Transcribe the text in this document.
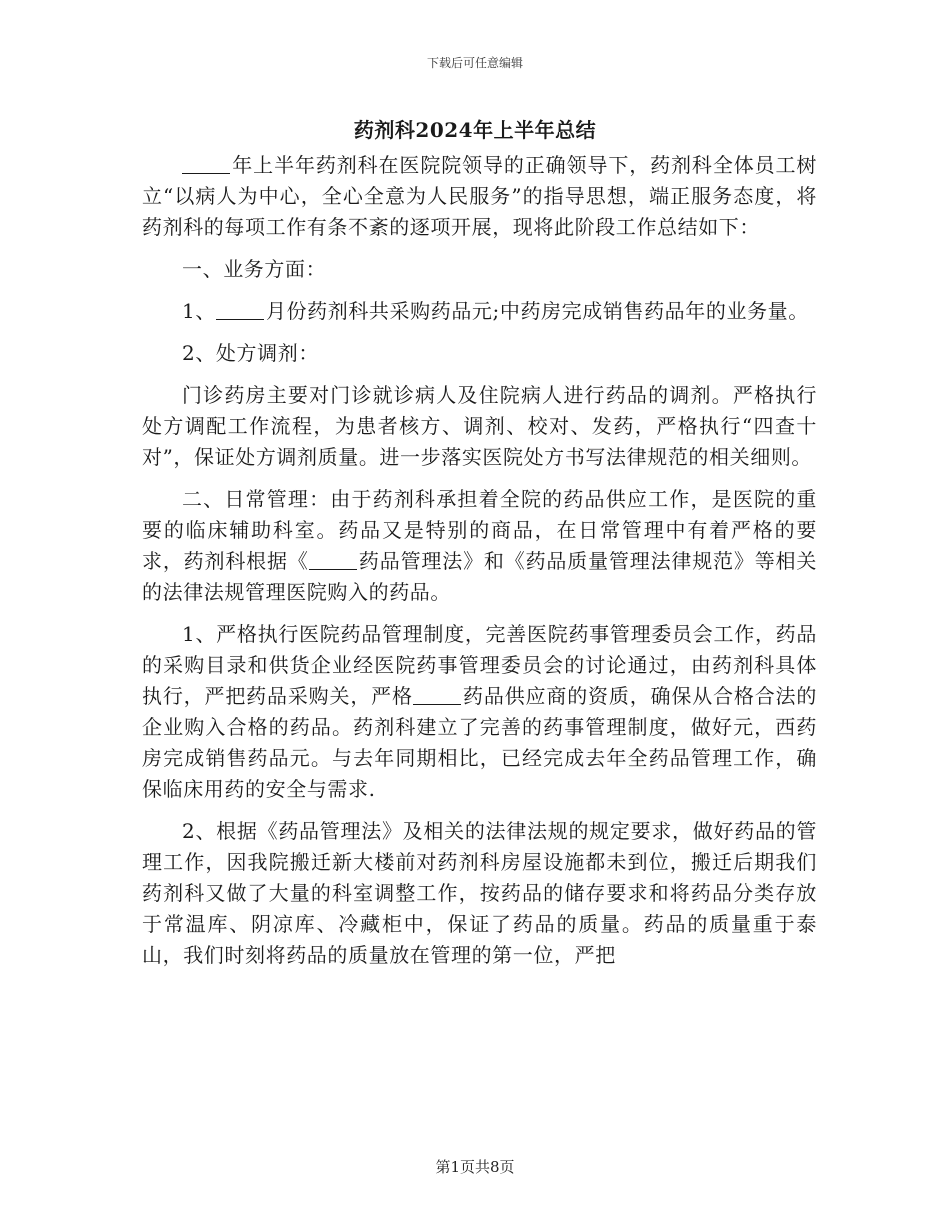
下载后可任意编辑
药剂科2024年上半年总结

年上半年药剂科在医院院领导的正确领导下，药剂科全体员工树立“以病人为中心，全心全意为人民服务”的指导思想，端正服务态度，将药剂科的每项工作有条不紊的逐项开展，现将此阶段工作总结如下：

一、业务方面：

1、	月份药剂科共采购药品元;中药房完成销售药品年的业务量。

2、处方调剂：

门诊药房主要对门诊就诊病人及住院病人进行药品的调剂。严格执行处方调配工作流程，为患者核方、调剂、校对、发药，严格执行“四查十对”，保证处方调剂质量。进一步落实医院处方书写法律规范的相关细则。

二、日常管理：由于药剂科承担着全院的药品供应工作，是医院的重要的临床辅助科室。药品又是特别的商品，在日常管理中有着严格的要求，药剂科根据《	药品管理法》和《药品质量管理法律规范》等相关的法律法规管理医院购入的药品。

1、严格执行医院药品管理制度，完善医院药事管理委员会工作，药品的采购目录和供货企业经医院药事管理委员会的讨论通过，由药剂科具体执行，严把药品采购关，严格	药品供应商的资质，确保从合格合法的企业购入合格的药品。药剂科建立了完善的药事管理制度，做好元，西药房完成销售药品元。与去年同期相比，已经完成去年全药品管理工作，确保临床用药的安全与需求.

2、根据《药品管理法》及相关的法律法规的规定要求，做好药品的管理工作，因我院搬迁新大楼前对药剂科房屋设施都未到位，搬迁后期我们药剂科又做了大量的科室调整工作，按药品的储存要求和将药品分类存放于常温库、阴凉库、冷藏柜中，保证了药品的质量。药品的质量重于泰山，我们时刻将药品的质量放在管理的第一位，严把

第1页共8页
